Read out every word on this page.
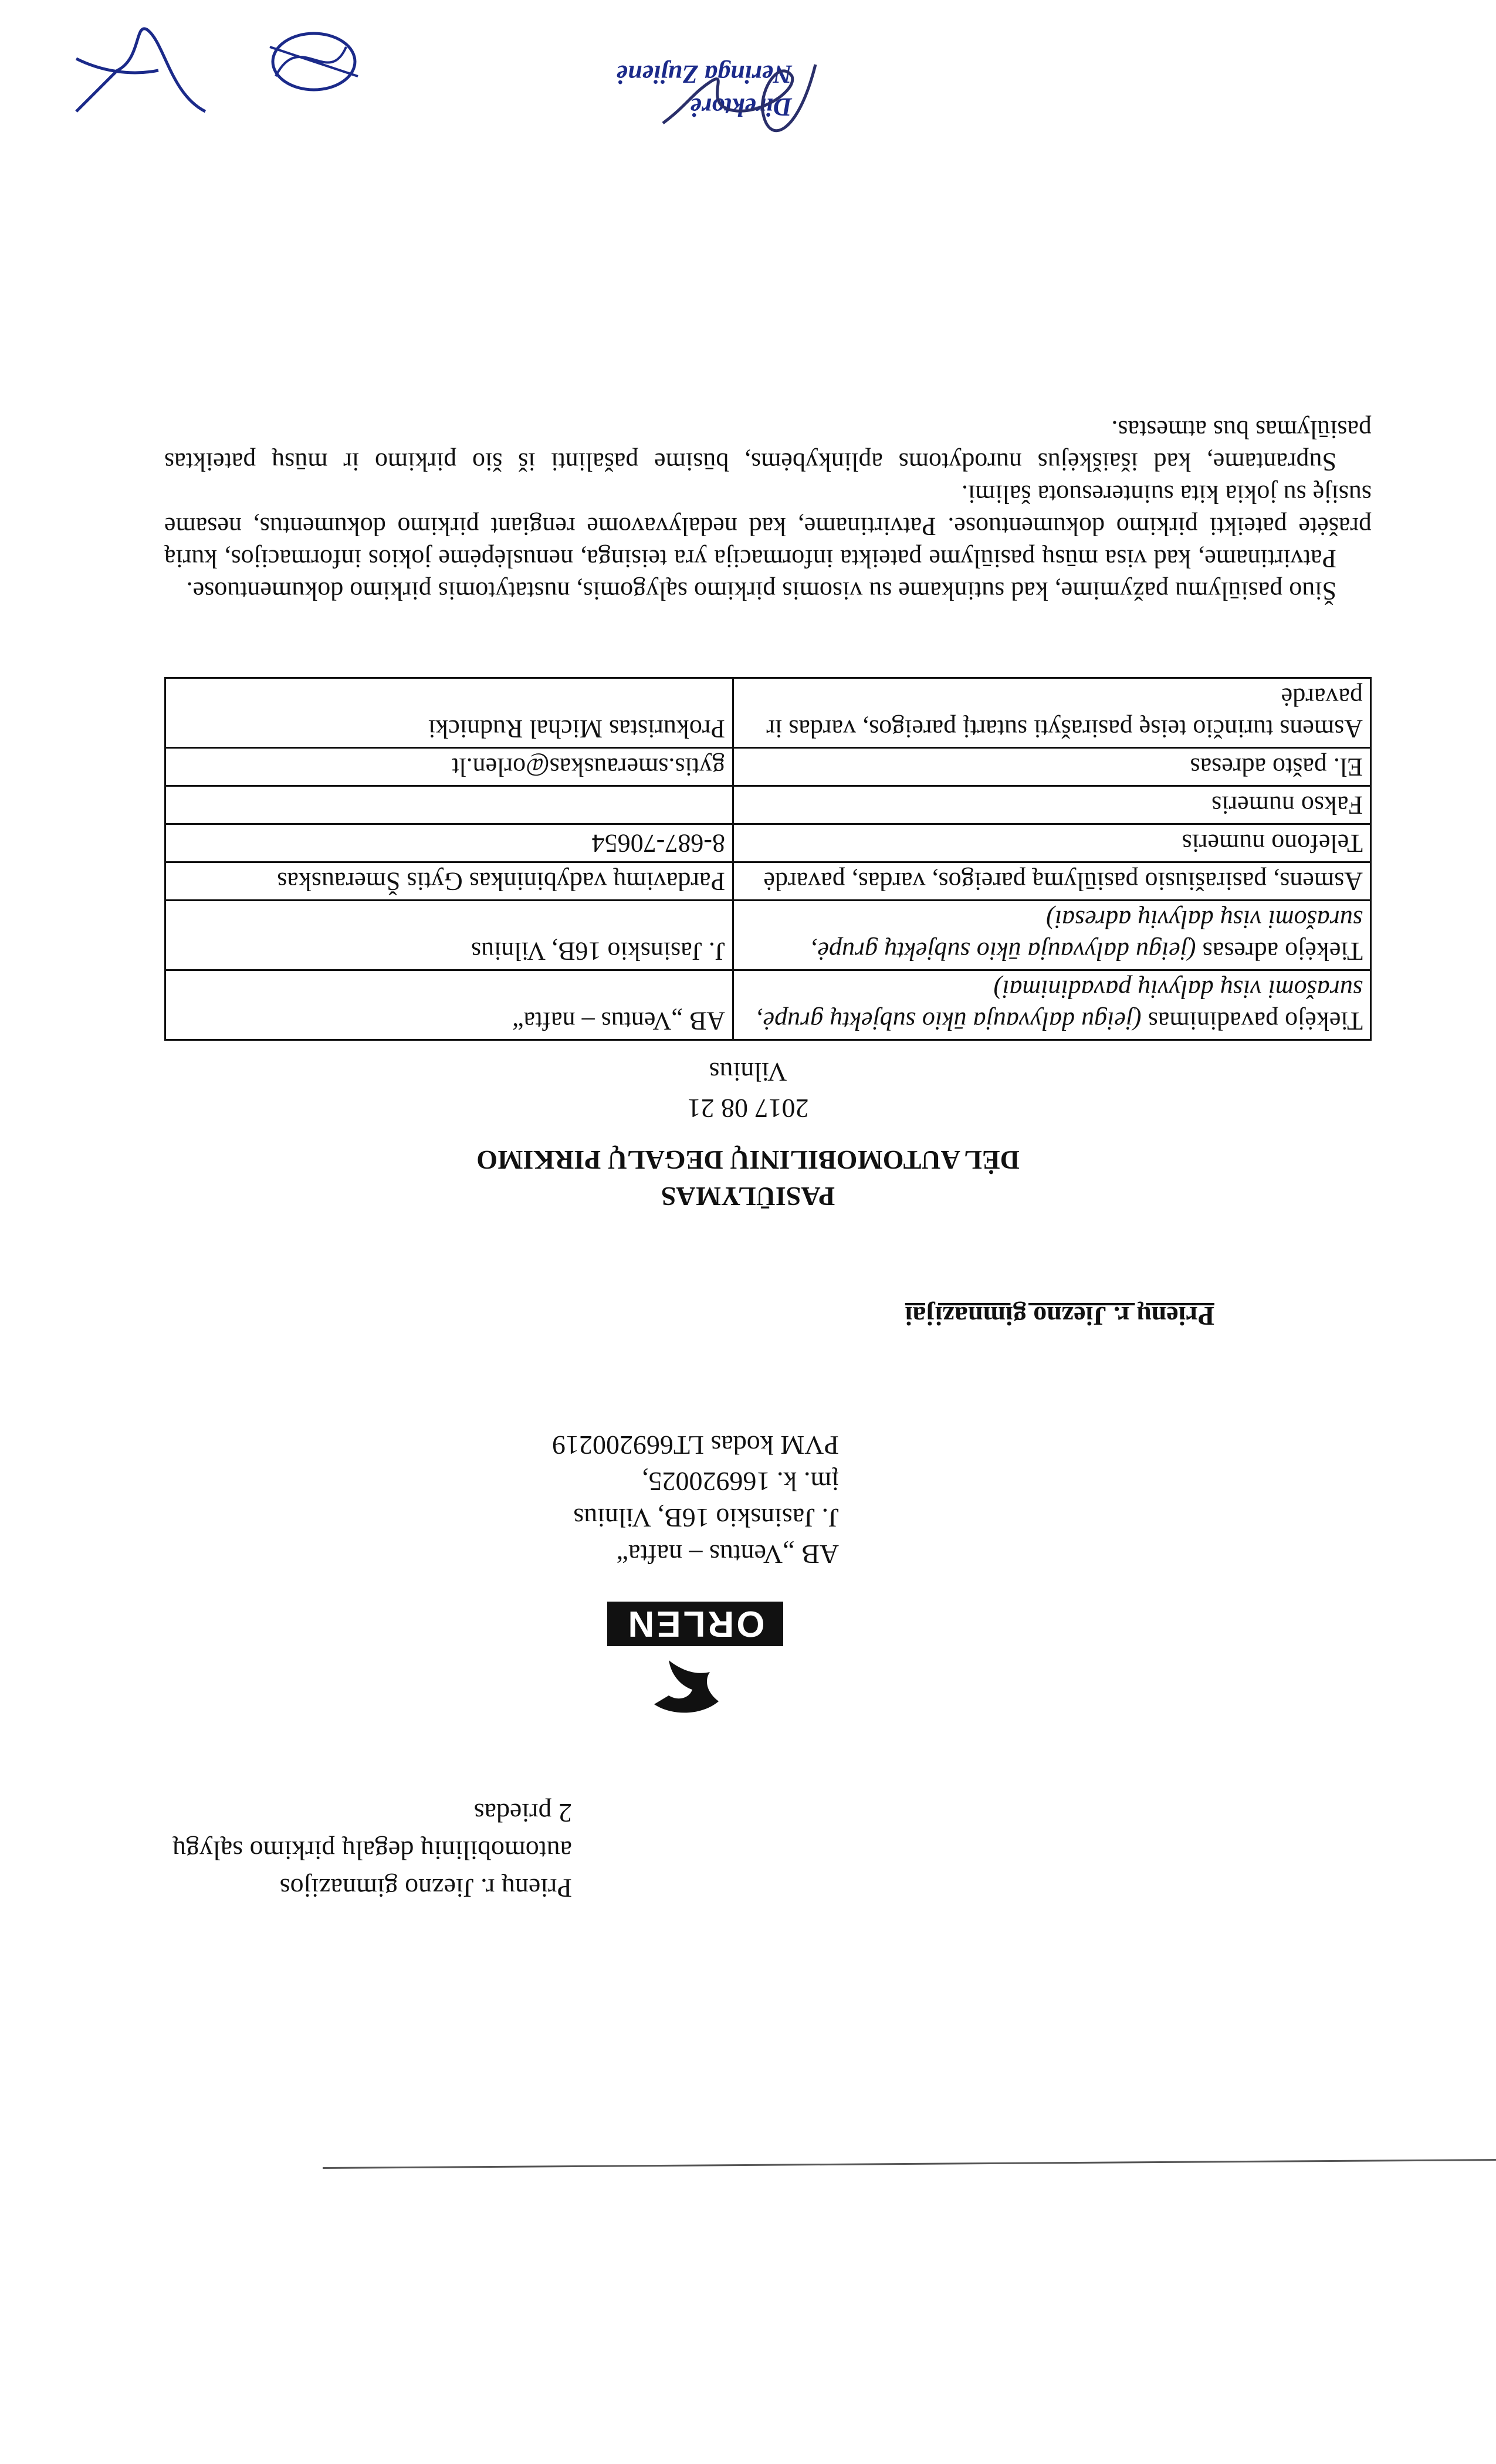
Prienų r. Jiezno gimnazijos
automobilinių degalų pirkimo sąlygų
2 priedas
ORLEN
AB „Ventus – nafta“
J. Jasinskio 16B, Vilnius
įm. k. 166920025,
PVM kodas LT669200219
Prienų r. Jiezno gimnazijai
PASIŪLYMAS
DĖL AUTOMOBILINIŲ DEGALŲ PIRKIMO
2017 08 21
Vilnius
Tiekėjo pavadinimas (jeigu dalyvauja ūkio subjektų grupė, surašomi visų dalyvių pavadinimai)	AB „Ventus – nafta“
Tiekėjo adresas (jeigu dalyvauja ūkio subjektų grupė, surašomi visų dalyvių adresai)	J. Jasinskio 16B, Vilnius
Asmens, pasirašiusio pasiūlymą pareigos, vardas, pavardė	Pardavimų vadybininkas Gytis Šmerauskas
Telefono numeris	8-687-70654
Fakso numeris	
El. pašto adresas	gytis.smerauskas@orlen.lt
Asmens turinčio teisę pasirašyti sutartį pareigos, vardas ir pavardė	Prokuristas Michal Rudnicki

Šiuo pasiūlymu pažymime, kad sutinkame su visomis pirkimo sąlygomis, nustatytomis pirkimo dokumentuose.

Patvirtiname, kad visa mūsų pasiūlyme pateikta informacija yra teisinga, nenuslėpėme jokios informacijos, kurią prašėte pateikti pirkimo dokumentuose. Patvirtiname, kad nedalyvavome rengiant pirkimo dokumentus, nesame susiję su jokia kita suinteresuota šalimi.

Suprantame, kad išaiškėjus nurodytoms aplinkybėms, būsime pašalinti iš šio pirkimo ir mūsų pateiktas pasiūlymas bus atmestas.

Direktorė
Neringa Zujienė
